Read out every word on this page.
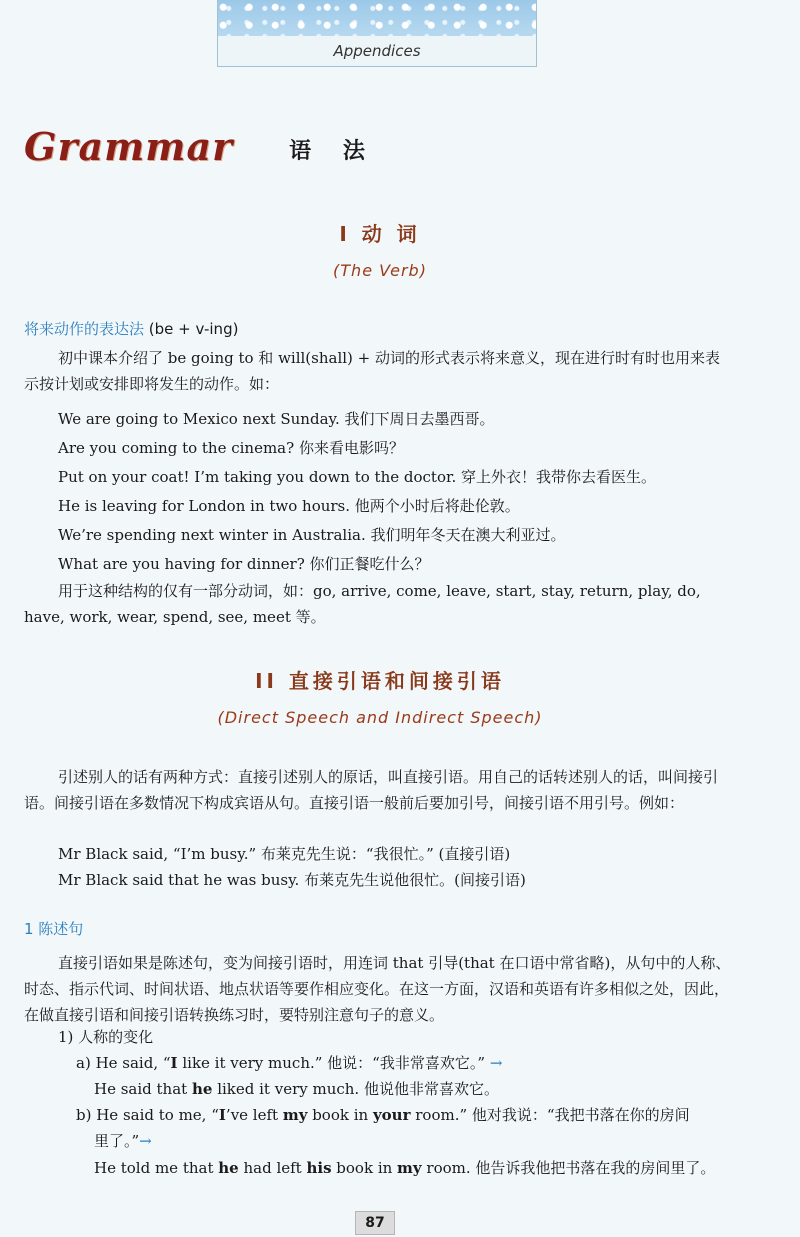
Appendices
Grammar	语 法
I 动 词
(The Verb)
将来动作的表达法 (be + v-ing)
初中课本介绍了 be going to 和 will(shall) + 动词的形式表示将来意义，现在进行时有时也用来表示按计划或安排即将发生的动作。如：
We are going to Mexico next Sunday. 我们下周日去墨西哥。
Are you coming to the cinema? 你来看电影吗？
Put on your coat! I’m taking you down to the doctor. 穿上外衣！我带你去看医生。
He is leaving for London in two hours. 他两个小时后将赴伦敦。
We’re spending next winter in Australia. 我们明年冬天在澳大利亚过。
What are you having for dinner? 你们正餐吃什么？
用于这种结构的仅有一部分动词，如：go, arrive, come, leave, start, stay, return, play, do, have, work, wear, spend, see, meet 等。
II 直接引语和间接引语
(Direct Speech and Indirect Speech)
引述别人的话有两种方式：直接引述别人的原话，叫直接引语。用自己的话转述别人的话，叫间接引语。间接引语在多数情况下构成宾语从句。直接引语一般前后要加引号，间接引语不用引号。例如：
Mr Black said, “I’m busy.” 布莱克先生说：“我很忙。” (直接引语)
Mr Black said that he was busy. 布莱克先生说他很忙。(间接引语)
1 陈述句
直接引语如果是陈述句，变为间接引语时，用连词 that 引导(that 在口语中常省略)，从句中的人称、时态、指示代词、时间状语、地点状语等要作相应变化。在这一方面，汉语和英语有许多相似之处，因此，在做直接引语和间接引语转换练习时，要特别注意句子的意义。
1) 人称的变化
a) He said, “I like it very much.” 他说：“我非常喜欢它。” →
He said that he liked it very much. 他说他非常喜欢它。
b) He said to me, “I’ve left my book in your room.” 他对我说：“我把书落在你的房间
里了。”→
He told me that he had left his book in my room. 他告诉我他把书落在我的房间里了。
87
